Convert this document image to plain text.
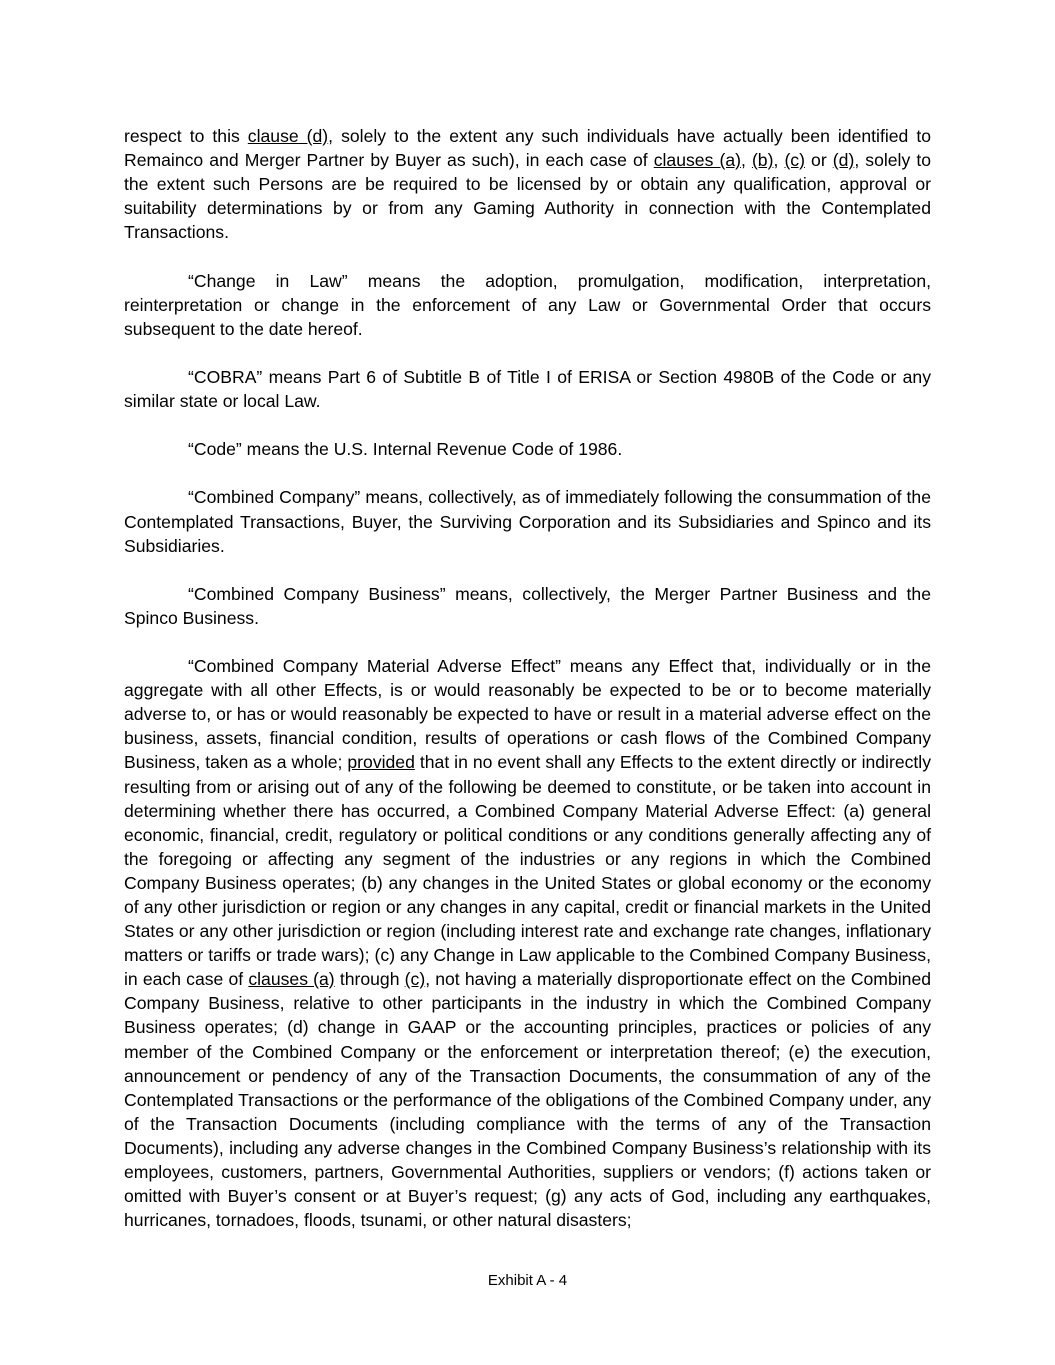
respect to this clause (d), solely to the extent any such individuals have actually been identified to Remainco and Merger Partner by Buyer as such), in each case of clauses (a), (b), (c) or (d), solely to the extent such Persons are be required to be licensed by or obtain any qualification, approval or suitability determinations by or from any Gaming Authority in connection with the Contemplated Transactions.

“Change in Law” means the adoption, promulgation, modification, interpretation, reinterpretation or change in the enforcement of any Law or Governmental Order that occurs subsequent to the date hereof.

“COBRA” means Part 6 of Subtitle B of Title I of ERISA or Section 4980B of the Code or any similar state or local Law.

“Code” means the U.S. Internal Revenue Code of 1986.

“Combined Company” means, collectively, as of immediately following the consummation of the Contemplated Transactions, Buyer, the Surviving Corporation and its Subsidiaries and Spinco and its Subsidiaries.

“Combined Company Business” means, collectively, the Merger Partner Business and the Spinco Business.

“Combined Company Material Adverse Effect” means any Effect that, individually or in the aggregate with all other Effects, is or would reasonably be expected to be or to become materially adverse to, or has or would reasonably be expected to have or result in a material adverse effect on the business, assets, financial condition, results of operations or cash flows of the Combined Company Business, taken as a whole; provided that in no event shall any Effects to the extent directly or indirectly resulting from or arising out of any of the following be deemed to constitute, or be taken into account in determining whether there has occurred, a Combined Company Material Adverse Effect: (a) general economic, financial, credit, regulatory or political conditions or any conditions generally affecting any of the foregoing or affecting any segment of the industries or any regions in which the Combined Company Business operates; (b) any changes in the United States or global economy or the economy of any other jurisdiction or region or any changes in any capital, credit or financial markets in the United States or any other jurisdiction or region (including interest rate and exchange rate changes, inflationary matters or tariffs or trade wars); (c) any Change in Law applicable to the Combined Company Business, in each case of clauses (a) through (c), not having a materially disproportionate effect on the Combined Company Business, relative to other participants in the industry in which the Combined Company Business operates; (d) change in GAAP or the accounting principles, practices or policies of any member of the Combined Company or the enforcement or interpretation thereof; (e) the execution, announcement or pendency of any of the Transaction Documents, the consummation of any of the Contemplated Transactions or the performance of the obligations of the Combined Company under, any of the Transaction Documents (including compliance with the terms of any of the Transaction Documents), including any adverse changes in the Combined Company Business’s relationship with its employees, customers, partners, Governmental Authorities, suppliers or vendors; (f) actions taken or omitted with Buyer’s consent or at Buyer’s request; (g) any acts of God, including any earthquakes, hurricanes, tornadoes, floods, tsunami, or other natural disasters;

Exhibit A - 4
